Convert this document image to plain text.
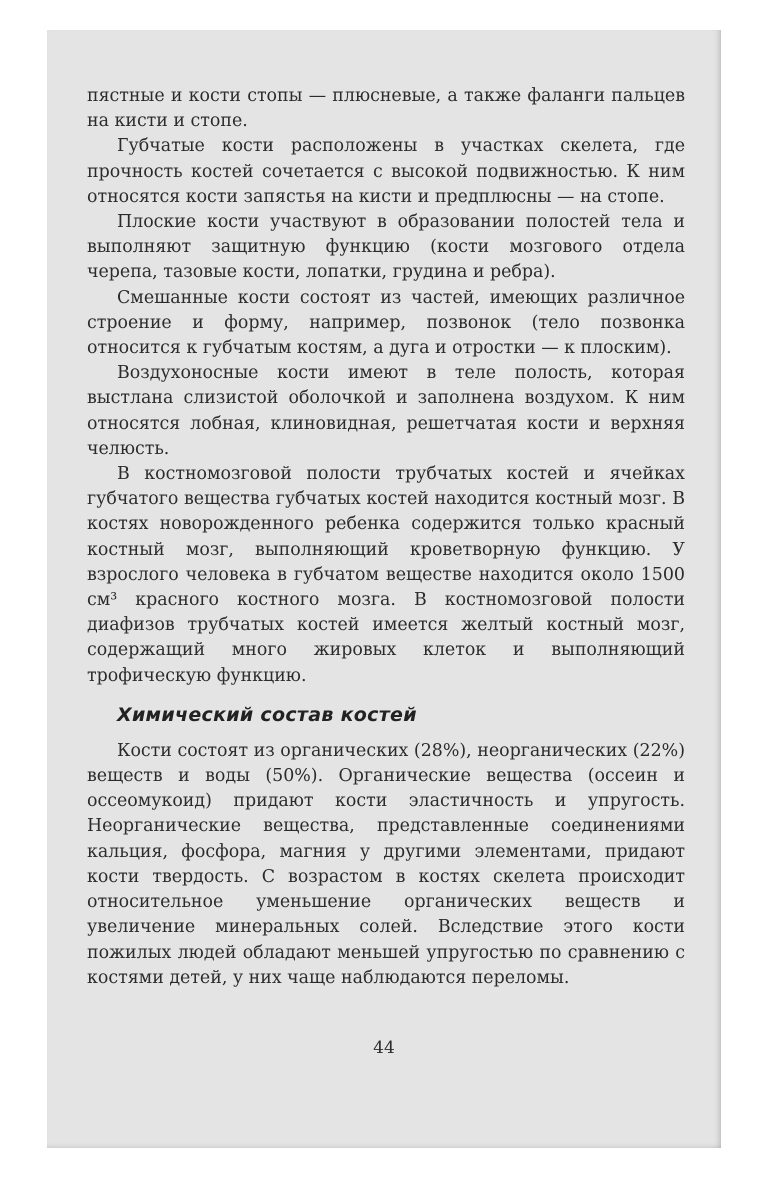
пястные и кости стопы — плюсневые, а также фаланги пальцев на кисти и стопе.

Губчатые кости расположены в участках скелета, где прочность костей сочетается с высокой подвижностью. К ним относятся кости запястья на кисти и предплюсны — на стопе.

Плоские кости участвуют в образовании полостей тела и выполняют защитную функцию (кости мозгового отдела черепа, тазовые кости, лопатки, грудина и ребра).

Смешанные кости состоят из частей, имеющих различное строение и форму, например, позвонок (тело позвонка относится к губчатым костям, а дуга и отростки — к плоским).

Воздухоносные кости имеют в теле полость, которая выстлана слизистой оболочкой и заполнена воздухом. К ним относятся лобная, клиновидная, решетчатая кости и верхняя челюсть.

В костномозговой полости трубчатых костей и ячейках губчатого вещества губчатых костей находится костный мозг. В костях новорожденного ребенка содержится только красный костный мозг, выполняющий кроветворную функцию. У взрослого человека в губчатом веществе находится около 1500 см³ красного костного мозга. В костномозговой полости диафизов трубчатых костей имеется желтый костный мозг, содержащий много жировых клеток и выполняющий трофическую функцию.

Химический состав костей

Кости состоят из органических (28%), неорганических (22%) веществ и воды (50%). Органические вещества (оссеин и оссеомукоид) придают кости эластичность и упругость. Неорганические вещества, представленные соединениями кальция, фосфора, магния у другими элементами, придают кости твердость. С возрастом в костях скелета происходит относительное уменьшение органических веществ и увеличение минеральных солей. Вследствие этого кости пожилых людей обладают меньшей упругостью по сравнению с костями детей, у них чаще наблюдаются переломы.

44
